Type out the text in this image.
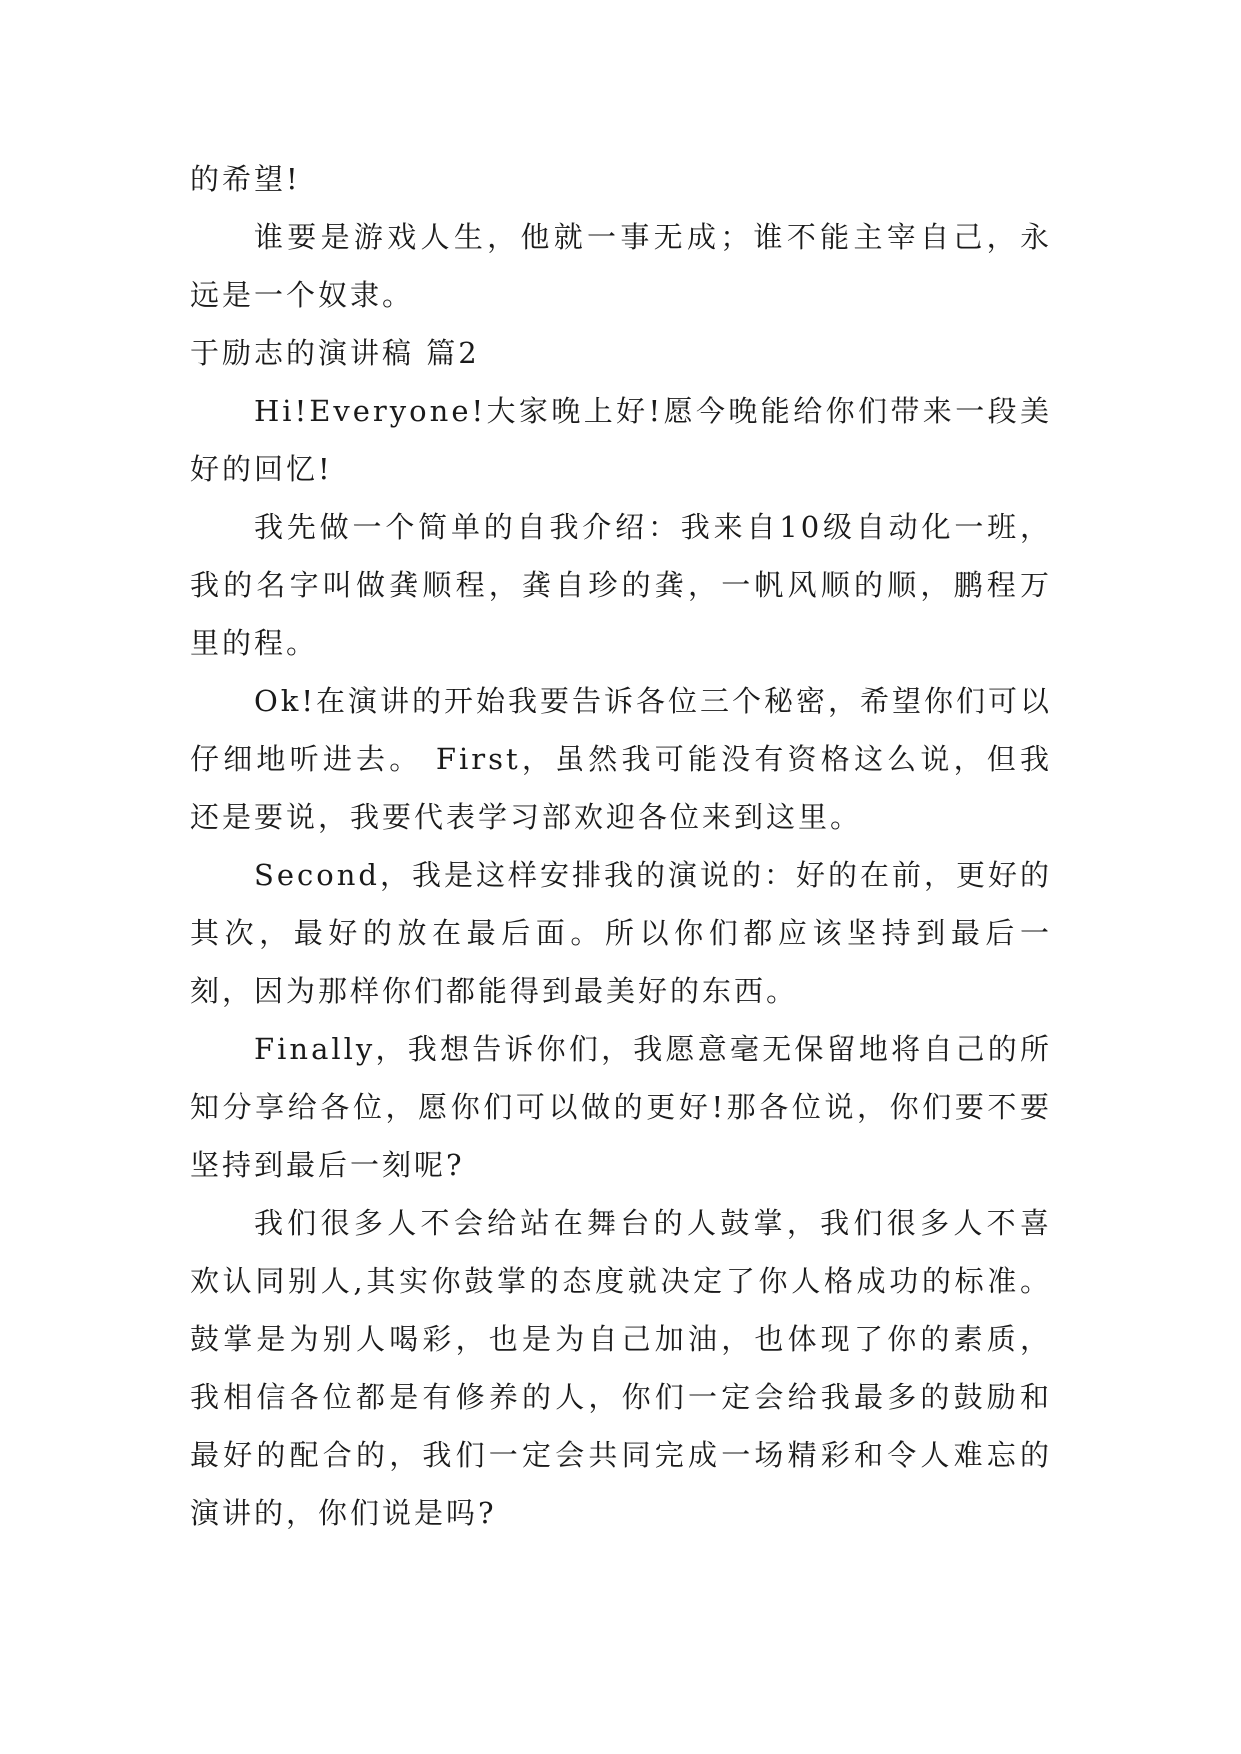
的希望!

谁要是游戏人生，他就一事无成；谁不能主宰自己，永远是一个奴隶。

于励志的演讲稿 篇2

Hi!Everyone!大家晚上好!愿今晚能给你们带来一段美好的回忆!

我先做一个简单的自我介绍：我来自10级自动化一班，我的名字叫做龚顺程，龚自珍的龚，一帆风顺的顺，鹏程万里的程。

Ok!在演讲的开始我要告诉各位三个秘密，希望你们可以仔细地听进去。 First，虽然我可能没有资格这么说，但我还是要说，我要代表学习部欢迎各位来到这里。

Second，我是这样安排我的演说的：好的在前，更好的其次，最好的放在最后面。所以你们都应该坚持到最后一刻，因为那样你们都能得到最美好的东西。

Finally，我想告诉你们，我愿意毫无保留地将自己的所知分享给各位，愿你们可以做的更好!那各位说，你们要不要坚持到最后一刻呢?

我们很多人不会给站在舞台的人鼓掌，我们很多人不喜欢认同别人,其实你鼓掌的态度就决定了你人格成功的标准。鼓掌是为别人喝彩，也是为自己加油，也体现了你的素质，我相信各位都是有修养的人，你们一定会给我最多的鼓励和最好的配合的，我们一定会共同完成一场精彩和令人难忘的演讲的，你们说是吗?
